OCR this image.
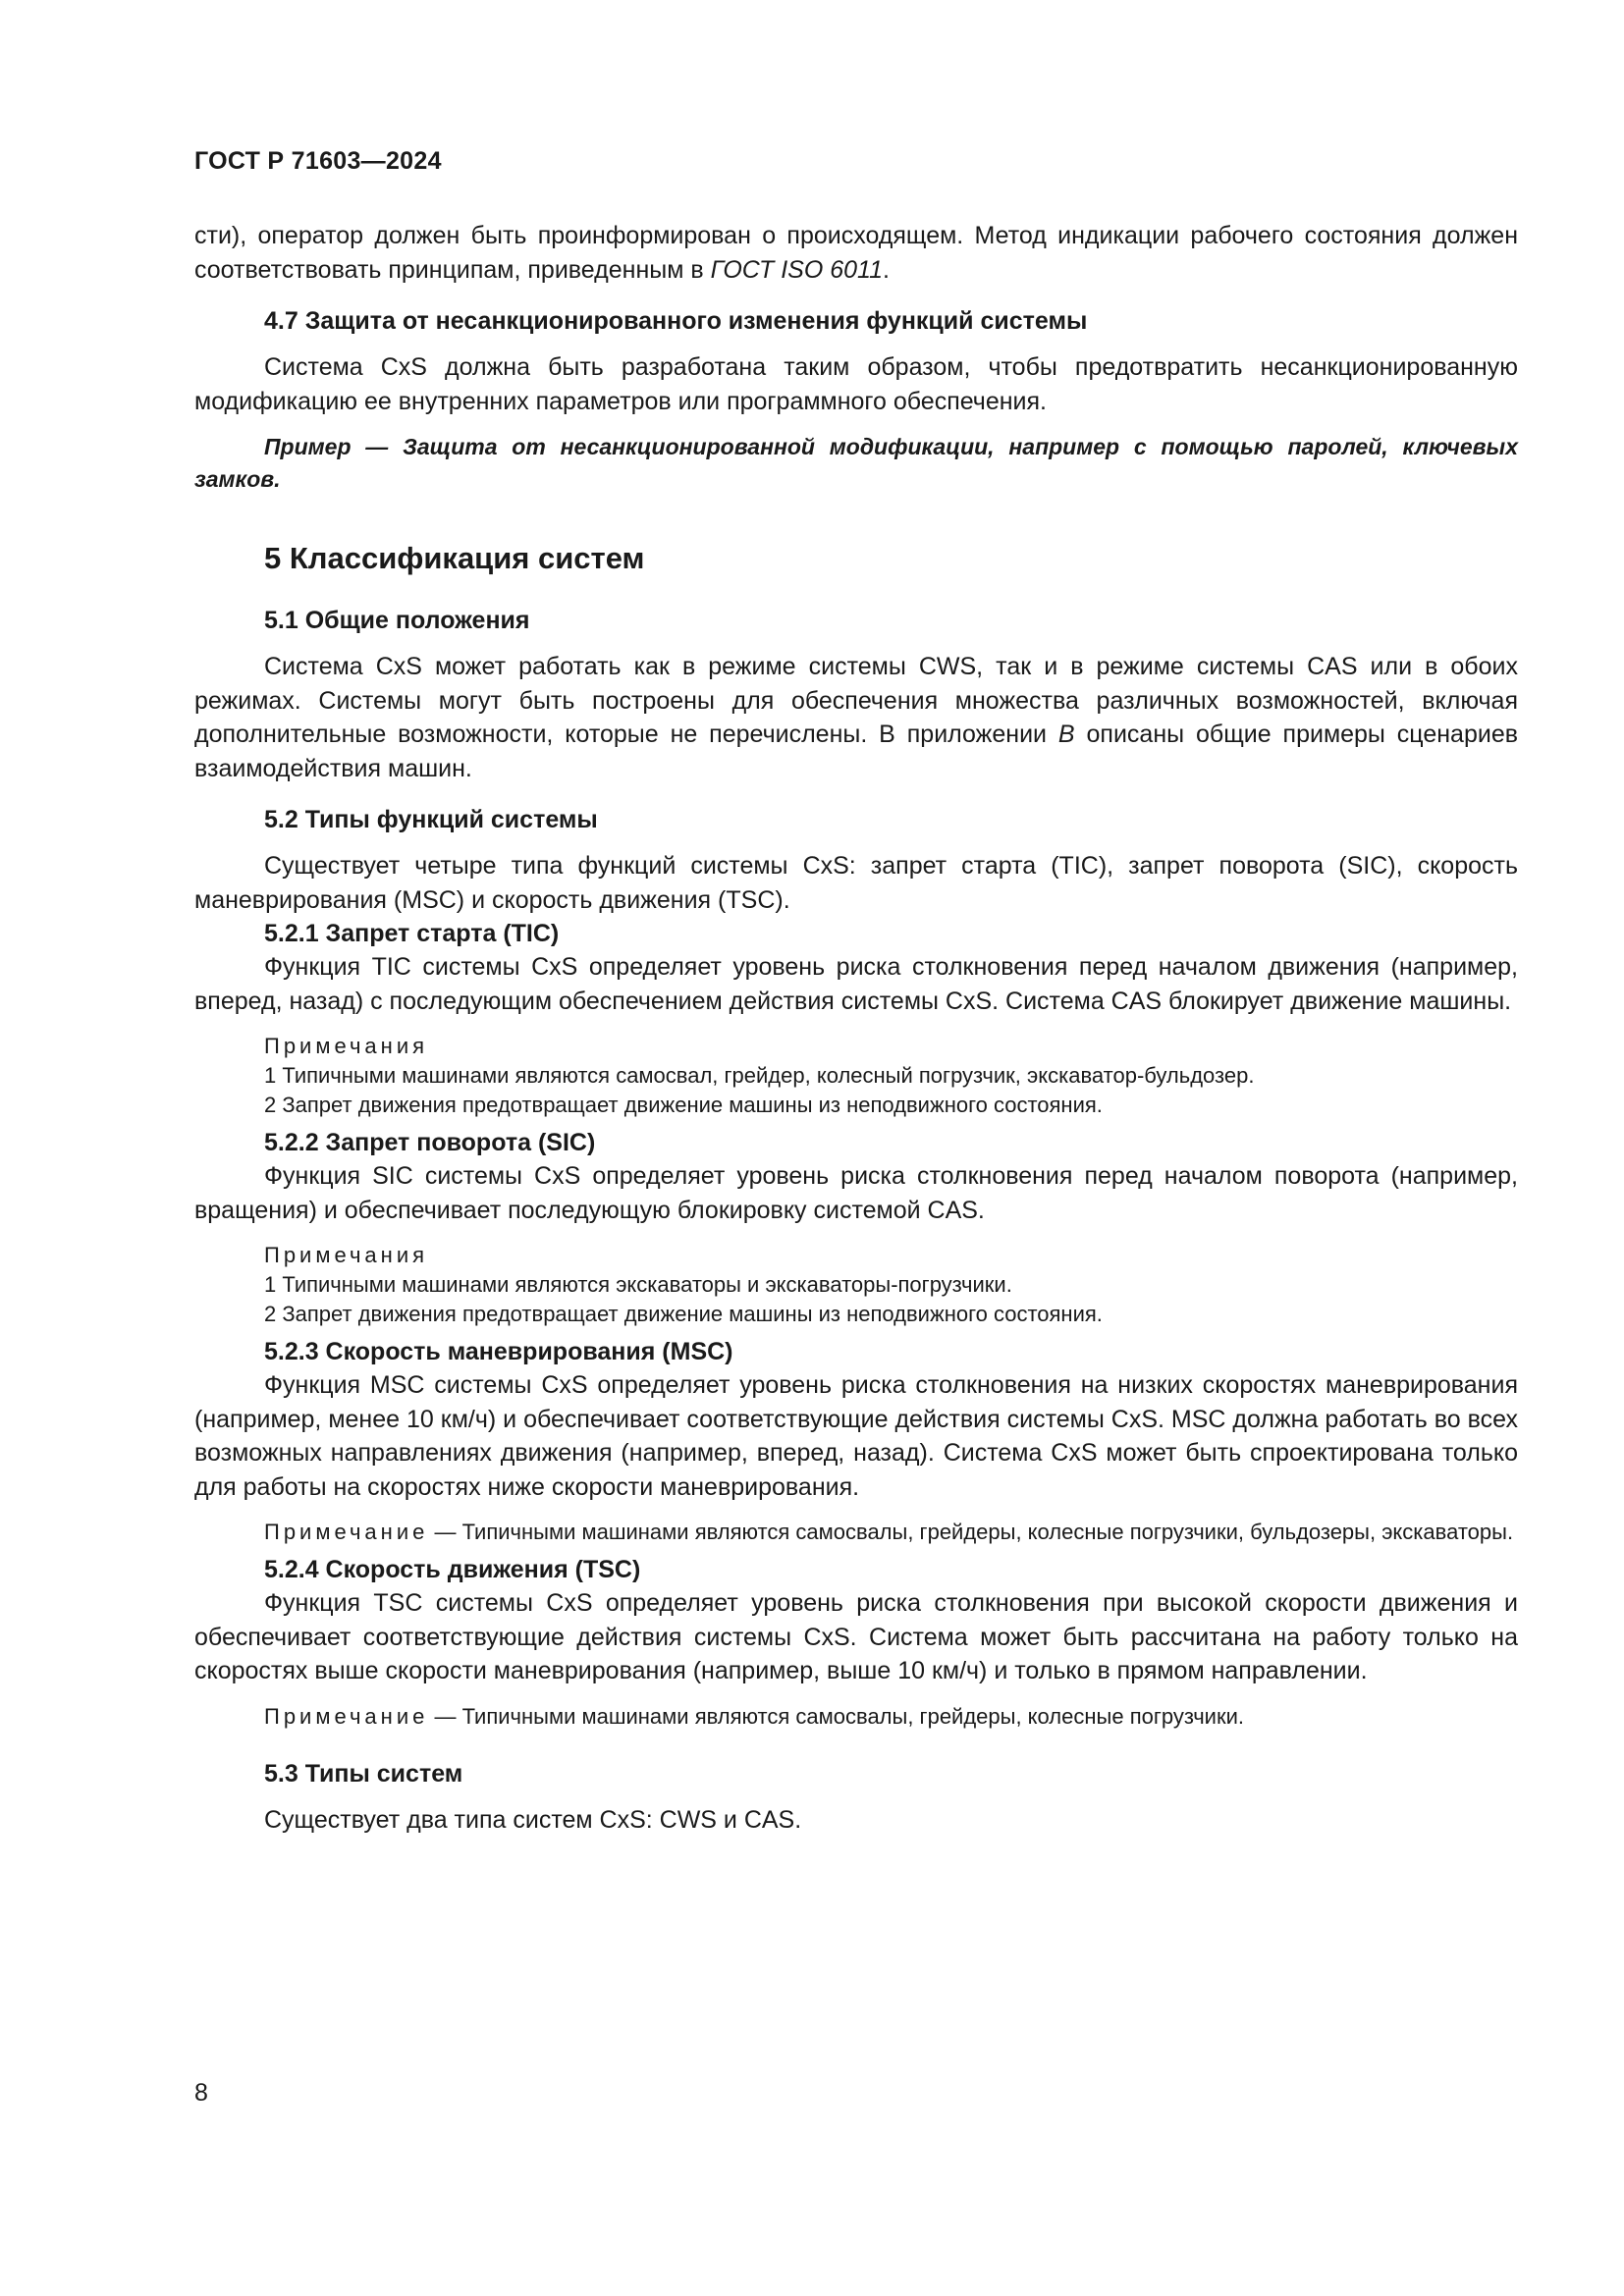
ГОСТ Р 71603—2024

сти), оператор должен быть проинформирован о происходящем. Метод индикации рабочего состояния должен соответствовать принципам, приведенным в ГОСТ ISO 6011.

4.7 Защита от несанкционированного изменения функций системы

Система CxS должна быть разработана таким образом, чтобы предотвратить несанкционированную модификацию ее внутренних параметров или программного обеспечения.

Пример — Защита от несанкционированной модификации, например с помощью паролей, ключевых замков.

5 Классификация систем
5.1 Общие положения

Система CxS может работать как в режиме системы CWS, так и в режиме системы CAS или в обоих режимах. Системы могут быть построены для обеспечения множества различных возможностей, включая дополнительные возможности, которые не перечислены. В приложении В описаны общие примеры сценариев взаимодействия машин.

5.2 Типы функций системы

Существует четыре типа функций системы CxS: запрет старта (TIC), запрет поворота (SIC), скорость маневрирования (MSC) и скорость движения (TSC).

5.2.1 Запрет старта (TIC)

Функция TIC системы CxS определяет уровень риска столкновения перед началом движения (например, вперед, назад) с последующим обеспечением действия системы CxS. Система CAS блокирует движение машины.

Примечания
1 Типичными машинами являются самосвал, грейдер, колесный погрузчик, экскаватор-бульдозер.
2 Запрет движения предотвращает движение машины из неподвижного состояния.
5.2.2 Запрет поворота (SIC)

Функция SIC системы CxS определяет уровень риска столкновения перед началом поворота (например, вращения) и обеспечивает последующую блокировку системой CAS.

Примечания
1 Типичными машинами являются экскаваторы и экскаваторы-погрузчики.
2 Запрет движения предотвращает движение машины из неподвижного состояния.
5.2.3 Скорость маневрирования (MSC)

Функция MSC системы CxS определяет уровень риска столкновения на низких скоростях маневрирования (например, менее 10 км/ч) и обеспечивает соответствующие действия системы CxS. MSC должна работать во всех возможных направлениях движения (например, вперед, назад). Система CxS может быть спроектирована только для работы на скоростях ниже скорости маневрирования.

Примечание — Типичными машинами являются самосвалы, грейдеры, колесные погрузчики, бульдозеры, экскаваторы.

5.2.4 Скорость движения (TSC)

Функция TSC системы CxS определяет уровень риска столкновения при высокой скорости движения и обеспечивает соответствующие действия системы CxS. Система может быть рассчитана на работу только на скоростях выше скорости маневрирования (например, выше 10 км/ч) и только в прямом направлении.

Примечание — Типичными машинами являются самосвалы, грейдеры, колесные погрузчики.

5.3 Типы систем

Существует два типа систем CxS: CWS и CAS.

8
